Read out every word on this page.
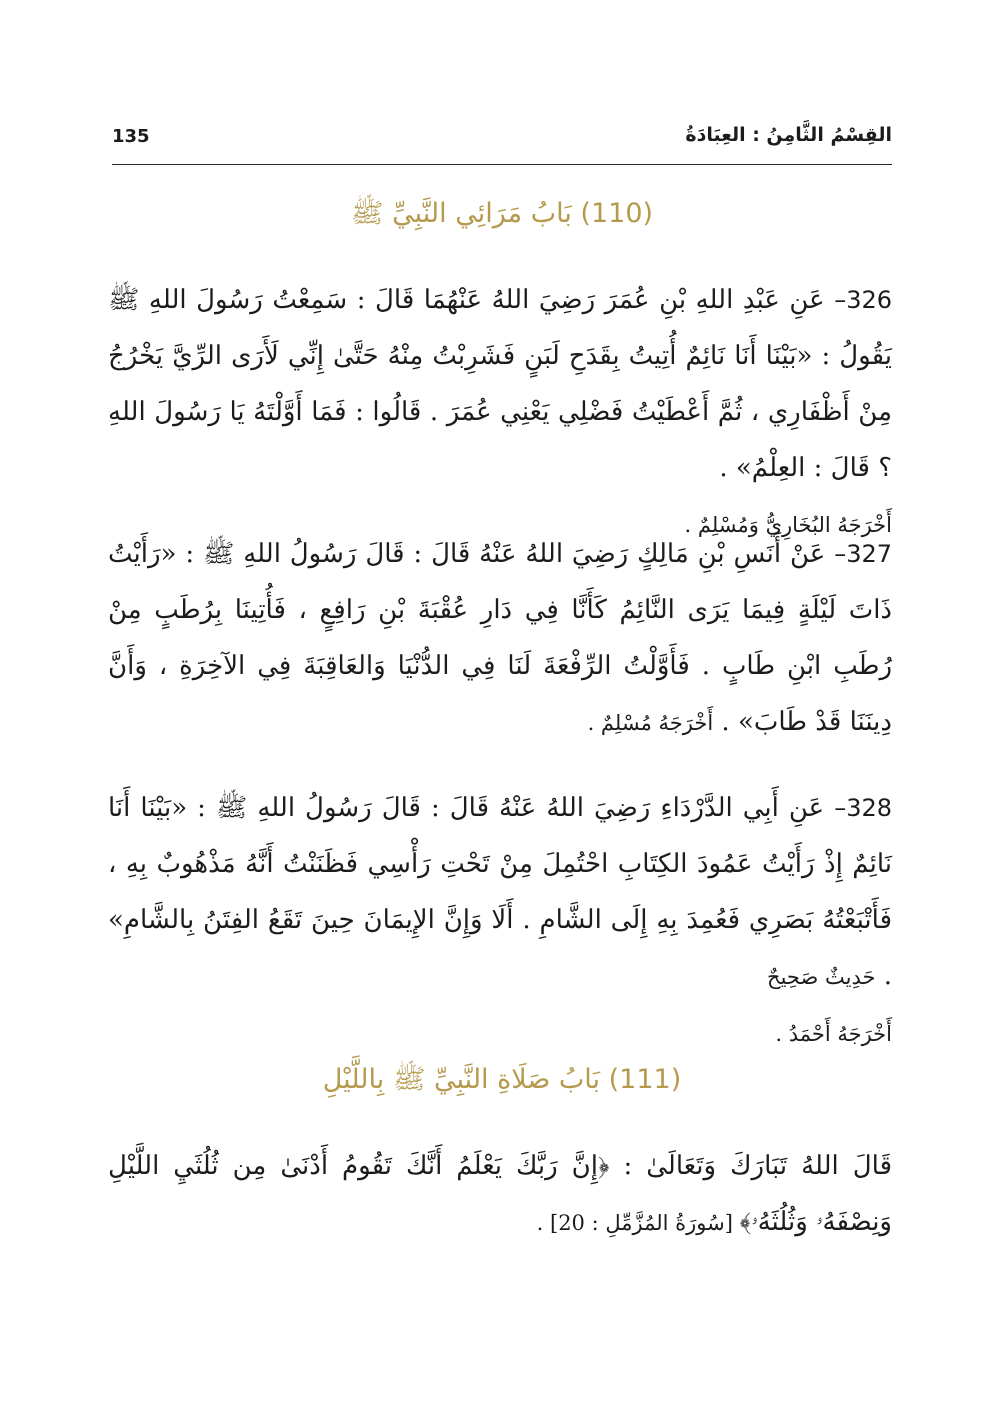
القِسْمُ الثَّامِنُ : العِبَادَةُ
135
(110) بَابُ مَرَائِي النَّبِيِّ ﷺ
326– عَنِ عَبْدِ اللهِ بْنِ عُمَرَ رَضِيَ اللهُ عَنْهُمَا قَالَ : سَمِعْتُ رَسُولَ اللهِ ﷺ يَقُولُ : «بَيْنَا أَنَا نَائِمٌ أُتِيتُ بِقَدَحِ لَبَنٍ فَشَرِبْتُ مِنْهُ حَتَّىٰ إِنِّي لَأَرَى الرِّيَّ يَخْرُجُ مِنْ أَظْفَارِي ، ثُمَّ أَعْطَيْتُ فَضْلِي يَعْنِي عُمَرَ . قَالُوا : فَمَا أَوَّلْتَهُ يَا رَسُولَ اللهِ ؟ قَالَ : العِلْمُ» .
أَخْرَجَهُ البُخَارِيُّ وَمُسْلِمٌ .
327– عَنْ أَنَسِ بْنِ مَالِكٍ رَضِيَ اللهُ عَنْهُ قَالَ : قَالَ رَسُولُ اللهِ ﷺ : «رَأَيْتُ ذَاتَ لَيْلَةٍ فِيمَا يَرَى النَّائِمُ كَأَنَّا فِي دَارِ عُقْبَةَ بْنِ رَافِعٍ ، فَأُتِينَا بِرُطَبٍ مِنْ رُطَبِ ابْنِ طَابٍ . فَأَوَّلْتُ الرِّفْعَةَ لَنَا فِي الدُّنْيَا وَالعَاقِبَةَ فِي الآخِرَةِ ، وَأَنَّ دِينَنَا قَدْ طَابَ» . أَخْرَجَهُ مُسْلِمٌ .
328– عَنِ أَبِي الدَّرْدَاءِ رَضِيَ اللهُ عَنْهُ قَالَ : قَالَ رَسُولُ اللهِ ﷺ : «بَيْنَا أَنَا نَائِمٌ إِذْ رَأَيْتُ عَمُودَ الكِتَابِ احْتُمِلَ مِنْ تَحْتِ رَأْسِي فَظَنَنْتُ أَنَّهُ مَذْهُوبٌ بِهِ ، فَأَتْبَعْتُهُ بَصَرِي فَعُمِدَ بِهِ إِلَى الشَّامِ . أَلَا وَإِنَّ الإِيمَانَ حِينَ تَقَعُ الفِتَنُ بِالشَّامِ» . حَدِيثٌ صَحِيحٌ
أَخْرَجَهُ أَحْمَدُ .
(111) بَابُ صَلَاةِ النَّبِيِّ ﷺ بِاللَّيْلِ
قَالَ اللهُ تَبَارَكَ وَتَعَالَىٰ : ﴿إِنَّ رَبَّكَ يَعْلَمُ أَنَّكَ تَقُومُ أَدْنَىٰ مِن ثُلُثَيِ اللَّيْلِ وَنِصْفَهُۥ وَثُلُثَهُۥ﴾ [سُورَةُ المُزَّمِّلِ : 20] .
